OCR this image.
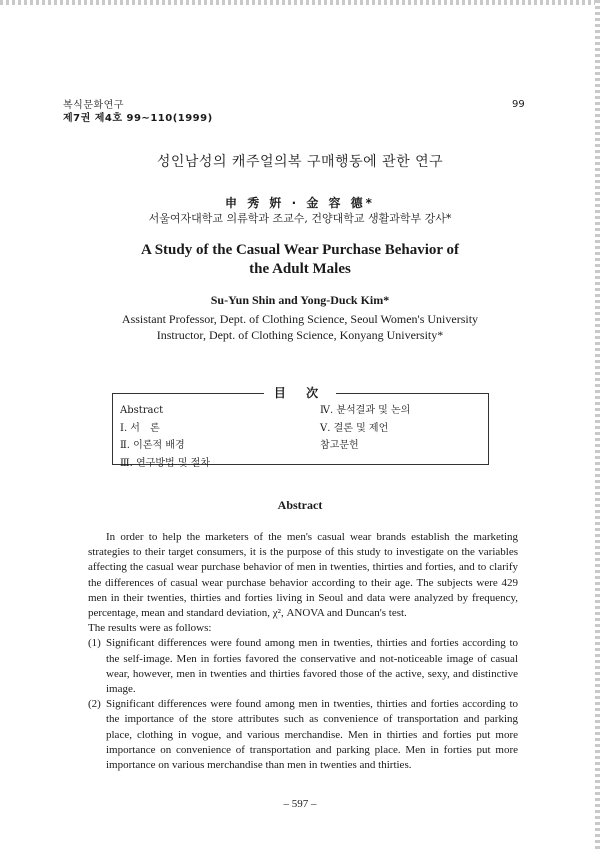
복식문화연구
제7권 제4호 99∼110(1999)
99
성인남성의 캐주얼의복 구매행동에 관한 연구
申 秀 姸 · 金 容 德*
서울여자대학교 의류학과 조교수, 건양대학교 생활과학부 강사*
A Study of the Casual Wear Purchase Behavior of
the Adult Males
Su-Yun Shin and Yong-Duck Kim*
Assistant Professor, Dept. of Clothing Science, Seoul Women's University
Instructor, Dept. of Clothing Science, Konyang University*
目 次
Abstract
Ⅰ. 서　론
Ⅱ. 이론적 배경
Ⅲ. 연구방법 및 절차
Ⅳ. 분석결과 및 논의
Ⅴ. 결론 및 제언
참고문헌
Abstract

In order to help the marketers of the men's casual wear brands establish the marketing strategies to their target consumers, it is the purpose of this study to investigate on the variables affecting the casual wear purchase behavior of men in twenties, thirties and forties, and to clarify the differences of casual wear purchase behavior according to their age. The subjects were 429 men in their twenties, thirties and forties living in Seoul and data were analyzed by frequency, percentage, mean and standard deviation, χ², ANOVA and Duncan's test.

The results were as follows:

(1) Significant differences were found among men in twenties, thirties and forties according to the self-image. Men in forties favored the conservative and not-noticeable image of casual wear, however, men in twenties and thirties favored those of the active, sexy, and distinctive image.

(2) Significant differences were found among men in twenties, thirties and forties according to the importance of the store attributes such as convenience of transportation and parking place, clothing in vogue, and various merchandise. Men in thirties and forties put more importance on convenience of transportation and parking place. Men in forties put more importance on various merchandise than men in twenties and thirties.

– 597 –
